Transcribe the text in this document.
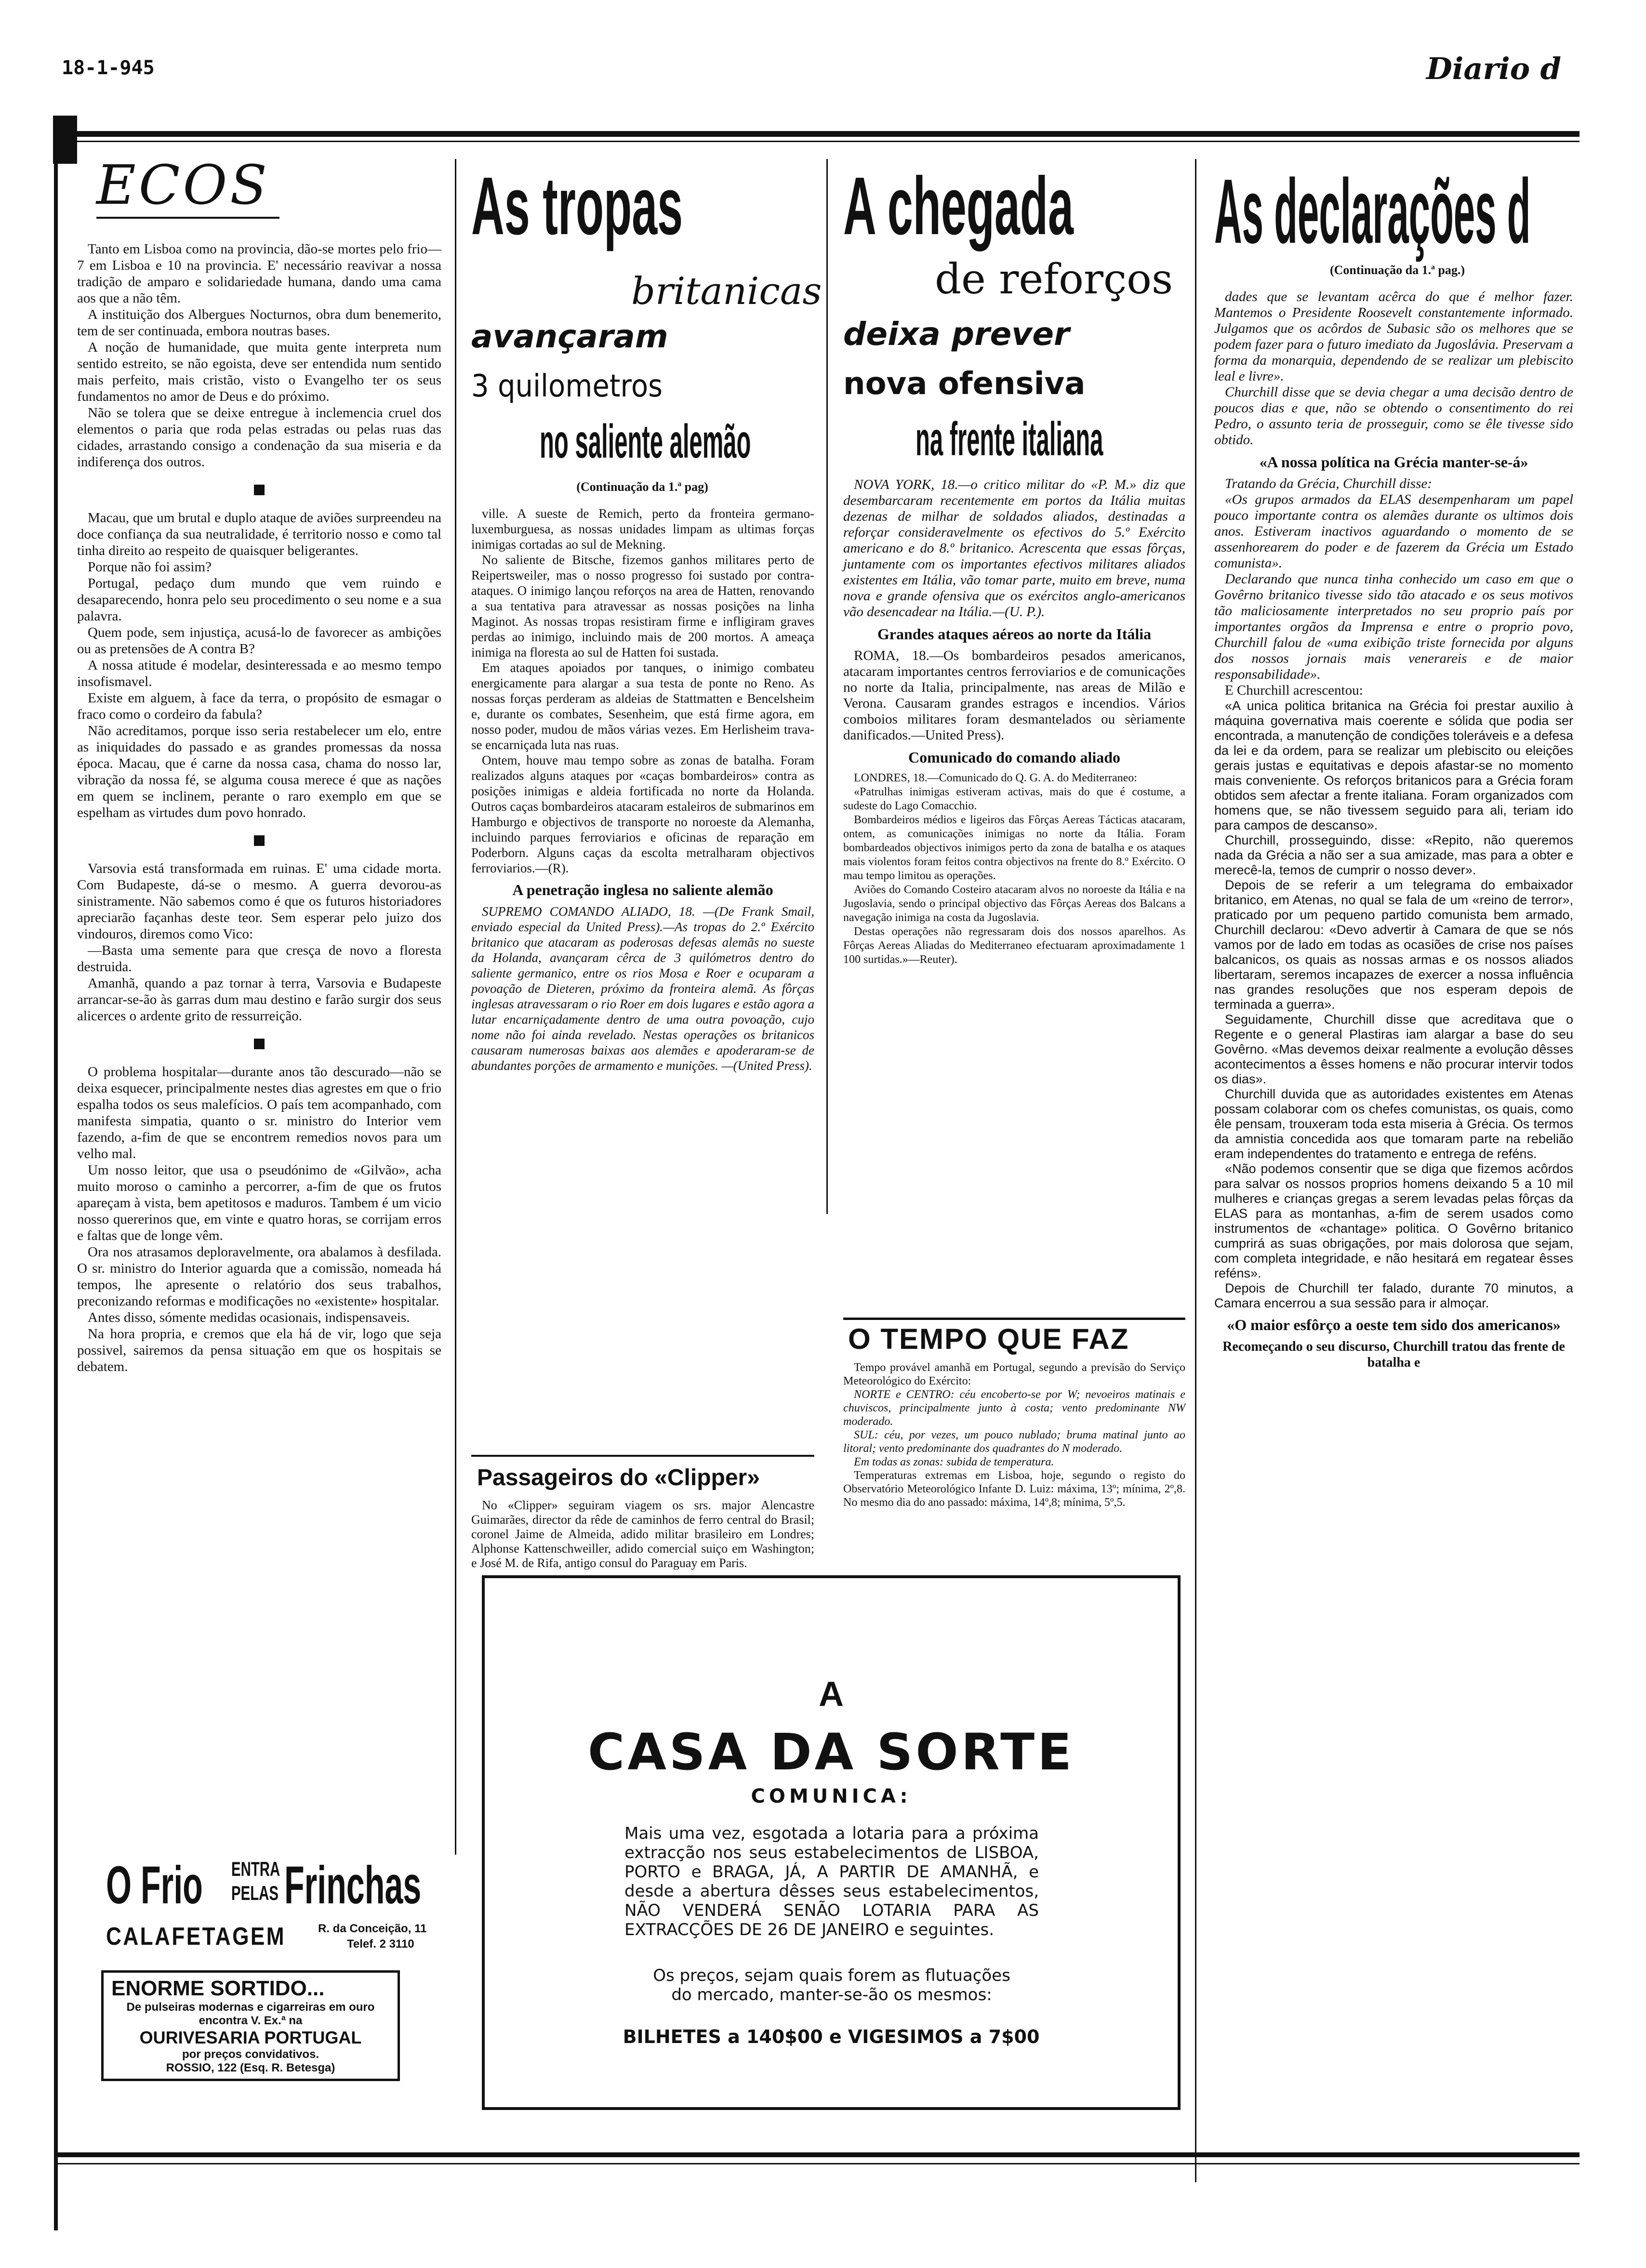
18-1-945	Diario d
ECOS

Tanto em Lisboa como na provincia, dão-se mortes pelo frio—7 em Lisboa e 10 na provincia. E' necessário reavivar a nossa tradição de amparo e solidariedade humana, dando uma cama aos que a não têm.

A instituição dos Albergues Nocturnos, obra dum benemerito, tem de ser continuada, embora noutras bases.

A noção de humanidade, que muita gente interpreta num sentido estreito, se não egoista, deve ser entendida num sentido mais perfeito, mais cristão, visto o Evangelho ter os seus fundamentos no amor de Deus e do próximo.

Não se tolera que se deixe entregue à inclemencia cruel dos elementos o paria que roda pelas estradas ou pelas ruas das cidades, arrastando consigo a condenação da sua miseria e da indiferença dos outros.

Macau, que um brutal e duplo ataque de aviões surpreendeu na doce confiança da sua neutralidade, é territorio nosso e como tal tinha direito ao respeito de quaisquer beligerantes.

Porque não foi assim?

Portugal, pedaço dum mundo que vem ruindo e desaparecendo, honra pelo seu procedimento o seu nome e a sua palavra.

Quem pode, sem injustiça, acusá-lo de favorecer as ambições ou as pretensões de A contra B?

A nossa atitude é modelar, desinteressada e ao mesmo tempo insofismavel.

Existe em alguem, à face da terra, o propósito de esmagar o fraco como o cordeiro da fabula?

Não acreditamos, porque isso seria restabelecer um elo, entre as iniquidades do passado e as grandes promessas da nossa época. Macau, que é carne da nossa casa, chama do nosso lar, vibração da nossa fé, se alguma cousa merece é que as nações em quem se inclinem, perante o raro exemplo em que se espelham as virtudes dum povo honrado.

Varsovia está transformada em ruinas. E' uma cidade morta. Com Budapeste, dá-se o mesmo. A guerra devorou-as sinistramente. Não sabemos como é que os futuros historiadores apreciarão façanhas deste teor. Sem esperar pelo juizo dos vindouros, diremos como Vico:

—Basta uma semente para que cresça de novo a floresta destruida.

Amanhã, quando a paz tornar à terra, Varsovia e Budapeste arrancar-se-ão às garras dum mau destino e farão surgir dos seus alicerces o ardente grito de ressurreição.

O problema hospitalar—durante anos tão descurado—não se deixa esquecer, principalmente nestes dias agrestes em que o frio espalha todos os seus malefícios. O país tem acompanhado, com manifesta simpatia, quanto o sr. ministro do Interior vem fazendo, a-fim de que se encontrem remedios novos para um velho mal.

Um nosso leitor, que usa o pseudónimo de «Gilvão», acha muito moroso o caminho a percorrer, a-fim de que os frutos apareçam à vista, bem apetitosos e maduros. Tambem é um vicio nosso quererinos que, em vinte e quatro horas, se corrijam erros e faltas que de longe vêm.

Ora nos atrasamos deploravelmente, ora abalamos à desfilada. O sr. ministro do Interior aguarda que a comissão, nomeada há tempos, lhe apresente o relatório dos seus trabalhos, preconizando reformas e modificações no «existente» hospitalar.

Antes disso, sómente medidas ocasionais, indispensaveis.

Na hora propria, e cremos que ela há de vir, logo que seja possivel, sairemos da pensa situação em que os hospitais se debatem.

O Frio ENTRA
PELAS Frinchas
CALAFETAGEM	R. da Conceição, 11
Telef. 2 3110
ENORME SORTIDO...
De pulseiras modernas e cigarreiras em ouro encontra V. Ex.ª na
OURIVESARIA PORTUGAL
por preços convidativos.
ROSSIO, 122 (Esq. R. Betesga)
As tropas
britanicas
avançaram
3 quilometros
no saliente alemão
(Continuação da 1.ª pag)

ville. A sueste de Remich, perto da fronteira germano-luxemburguesa, as nossas unidades limpam as ultimas forças inimigas cortadas ao sul de Mekning.

No saliente de Bitsche, fizemos ganhos militares perto de Reipertsweiler, mas o nosso progresso foi sustado por contra-ataques. O inimigo lançou reforços na area de Hatten, renovando a sua tentativa para atravessar as nossas posições na linha Maginot. As nossas tropas resistiram firme e infligiram graves perdas ao inimigo, incluindo mais de 200 mortos. A ameaça inimiga na floresta ao sul de Hatten foi sustada.

Em ataques apoiados por tanques, o inimigo combateu energicamente para alargar a sua testa de ponte no Reno. As nossas forças perderam as aldeias de Stattmatten e Bencelsheim e, durante os combates, Sesenheim, que está firme agora, em nosso poder, mudou de mãos várias vezes. Em Herlisheim trava-se encarniçada luta nas ruas.

Ontem, houve mau tempo sobre as zonas de batalha. Foram realizados alguns ataques por «caças bombardeiros» contra as posições inimigas e aldeia fortificada no norte da Holanda. Outros caças bombardeiros atacaram estaleiros de submarinos em Hamburgo e objectivos de transporte no noroeste da Alemanha, incluindo parques ferroviarios e oficinas de reparação em Poderborn. Alguns caças da escolta metralharam objectivos ferroviarios.—(R).

A penetração inglesa no saliente alemão

SUPREMO COMANDO ALIADO, 18. —(De Frank Smail, enviado especial da United Press).—As tropas do 2.º Exército britanico que atacaram as poderosas defesas alemãs no sueste da Holanda, avançaram cêrca de 3 quilómetros dentro do saliente germanico, entre os rios Mosa e Roer e ocuparam a povoação de Dieteren, próximo da fronteira alemã. As fôrças inglesas atravessaram o rio Roer em dois lugares e estão agora a lutar encarniçadamente dentro de uma outra povoação, cujo nome não foi ainda revelado. Nestas operações os britanicos causaram numerosas baixas aos alemães e apoderaram-se de abundantes porções de armamento e munições. —(United Press).

Passageiros do «Clipper»

No «Clipper» seguiram viagem os srs. major Alencastre Guimarães, director da rêde de caminhos de ferro central do Brasil; coronel Jaime de Almeida, adido militar brasileiro em Londres; Alphonse Kattenschweiller, adido comercial suiço em Washington; e José M. de Rifa, antigo consul do Paraguay em Paris.

A chegada
de reforços
deixa prever
nova ofensiva
na frente italiana

NOVA YORK, 18.—o critico militar do «P. M.» diz que desembarcaram recentemente em portos da Itália muitas dezenas de milhar de soldados aliados, destinadas a reforçar consideravelmente os efectivos do 5.º Exército americano e do 8.º britanico. Acrescenta que essas fôrças, juntamente com os importantes efectivos militares aliados existentes em Itália, vão tomar parte, muito em breve, numa nova e grande ofensiva que os exércitos anglo-americanos vão desencadear na Itália.—(U. P.).

Grandes ataques aéreos ao norte da Itália

ROMA, 18.—Os bombardeiros pesados americanos, atacaram importantes centros ferroviarios e de comunicações no norte da Italia, principalmente, nas areas de Milão e Verona. Causaram grandes estragos e incendios. Vários comboios militares foram desmantelados ou sèriamente danificados.—United Press).

Comunicado do comando aliado

LONDRES, 18.—Comunicado do Q. G. A. do Mediterraneo:

«Patrulhas inimigas estiveram activas, mais do que é costume, a sudeste do Lago Comacchio.

Bombardeiros médios e ligeiros das Fôrças Aereas Tácticas atacaram, ontem, as comunicações inimigas no norte da Itália. Foram bombardeados objectivos inimigos perto da zona de batalha e os ataques mais violentos foram feitos contra objectivos na frente do 8.º Exército. O mau tempo limitou as operações.

Aviões do Comando Costeiro atacaram alvos no noroeste da Itália e na Jugoslavia, sendo o principal objectivo das Fôrças Aereas dos Balcans a navegação inimiga na costa da Jugoslavia.

Destas operações não regressaram dois dos nossos aparelhos. As Fôrças Aereas Aliadas do Mediterraneo efectuaram aproximadamente 1 100 surtidas.»—Reuter).

O TEMPO QUE FAZ

Tempo provável amanhã em Portugal, segundo a previsão do Serviço Meteorológico do Exército:

NORTE e CENTRO: céu encoberto-se por W; nevoeiros matinais e chuviscos, principalmente junto à costa; vento predominante NW moderado.

SUL: céu, por vezes, um pouco nublado; bruma matinal junto ao litoral; vento predominante dos quadrantes do N moderado.

Em todas as zonas: subida de temperatura.

Temperaturas extremas em Lisboa, hoje, segundo o registo do Observatório Meteorológico Infante D. Luiz: máxima, 13º; mínima, 2º,8. No mesmo dia do ano passado: máxima, 14º,8; mínima, 5º,5.

A
CASA DA SORTE
COMUNICA:
Mais uma vez, esgotada a lotaria para a próxima extracção nos seus estabelecimentos de LISBOA, PORTO e BRAGA, JÁ, A PARTIR DE AMANHÃ, e desde a abertura dêsses seus estabelecimentos, NÃO VENDERÁ SENÃO LOTARIA PARA AS EXTRACÇÕES DE 26 DE JANEIRO e seguintes.
Os preços, sejam quais forem as flutuações do mercado, manter-se-ão os mesmos:
BILHETES a 140$00 e VIGESIMOS a 7$00
As declarações d
(Continuação da 1.ª pag.)

dades que se levantam acêrca do que é melhor fazer. Mantemos o Presidente Roosevelt constantemente informado. Julgamos que os acôrdos de Subasic são os melhores que se podem fazer para o futuro imediato da Jugoslávia. Preservam a forma da monarquia, dependendo de se realizar um plebiscito leal e livre».

Churchill disse que se devia chegar a uma decisão dentro de poucos dias e que, não se obtendo o consentimento do rei Pedro, o assunto teria de prosseguir, como se êle tivesse sido obtido.

«A nossa política na Grécia manter-se-á»

Tratando da Grécia, Churchill disse:

«Os grupos armados da ELAS desempenharam um papel pouco importante contra os alemães durante os ultimos dois anos. Estiveram inactivos aguardando o momento de se assenhorearem do poder e de fazerem da Grécia um Estado comunista».

Declarando que nunca tinha conhecido um caso em que o Govêrno britanico tivesse sido tão atacado e os seus motivos tão maliciosamente interpretados no seu proprio país por importantes orgãos da Imprensa e entre o proprio povo, Churchill falou de «uma exibição triste fornecida por alguns dos nossos jornais mais venerareis e de maior responsabilidade».

E Churchill acrescentou:

«A unica politica britanica na Grécia foi prestar auxilio à máquina governativa mais coerente e sólida que podia ser encontrada, a manutenção de condições toleráveis e a defesa da lei e da ordem, para se realizar um plebiscito ou eleições gerais justas e equitativas e depois afastar-se no momento mais conveniente. Os reforços britanicos para a Grécia foram obtidos sem afectar a frente italiana. Foram organizados com homens que, se não tivessem seguido para ali, teriam ido para campos de descanso».

Churchill, prosseguindo, disse: «Repito, não queremos nada da Grécia a não ser a sua amizade, mas para a obter e merecê-la, temos de cumprir o nosso dever».

Depois de se referir a um telegrama do embaixador britanico, em Atenas, no qual se fala de um «reino de terror», praticado por um pequeno partido comunista bem armado, Churchill declarou: «Devo advertir à Camara de que se nós vamos por de lado em todas as ocasiões de crise nos países balcanicos, os quais as nossas armas e os nossos aliados libertaram, seremos incapazes de exercer a nossa influência nas grandes resoluções que nos esperam depois de terminada a guerra».

Seguidamente, Churchill disse que acreditava que o Regente e o general Plastiras iam alargar a base do seu Govêrno. «Mas devemos deixar realmente a evolução dêsses acontecimentos a êsses homens e não procurar intervir todos os dias».

Churchill duvida que as autoridades existentes em Atenas possam colaborar com os chefes comunistas, os quais, como êle pensam, trouxeram toda esta miseria à Grécia. Os termos da amnistia concedida aos que tomaram parte na rebelião eram independentes do tratamento e entrega de reféns.

«Não podemos consentir que se diga que fizemos acôrdos para salvar os nossos proprios homens deixando 5 a 10 mil mulheres e crianças gregas a serem levadas pelas fôrças da ELAS para as montanhas, a-fim de serem usados como instrumentos de «chantage» politica. O Govêrno britanico cumprirá as suas obrigações, por mais dolorosa que sejam, com completa integridade, e não hesitará em regatear êsses reféns».

Depois de Churchill ter falado, durante 70 minutos, a Camara encerrou a sua sessão para ir almoçar.

«O maior esfôrço a oeste tem sido dos americanos»
Recomeçando o seu discurso, Churchill tratou das frente de batalha e
